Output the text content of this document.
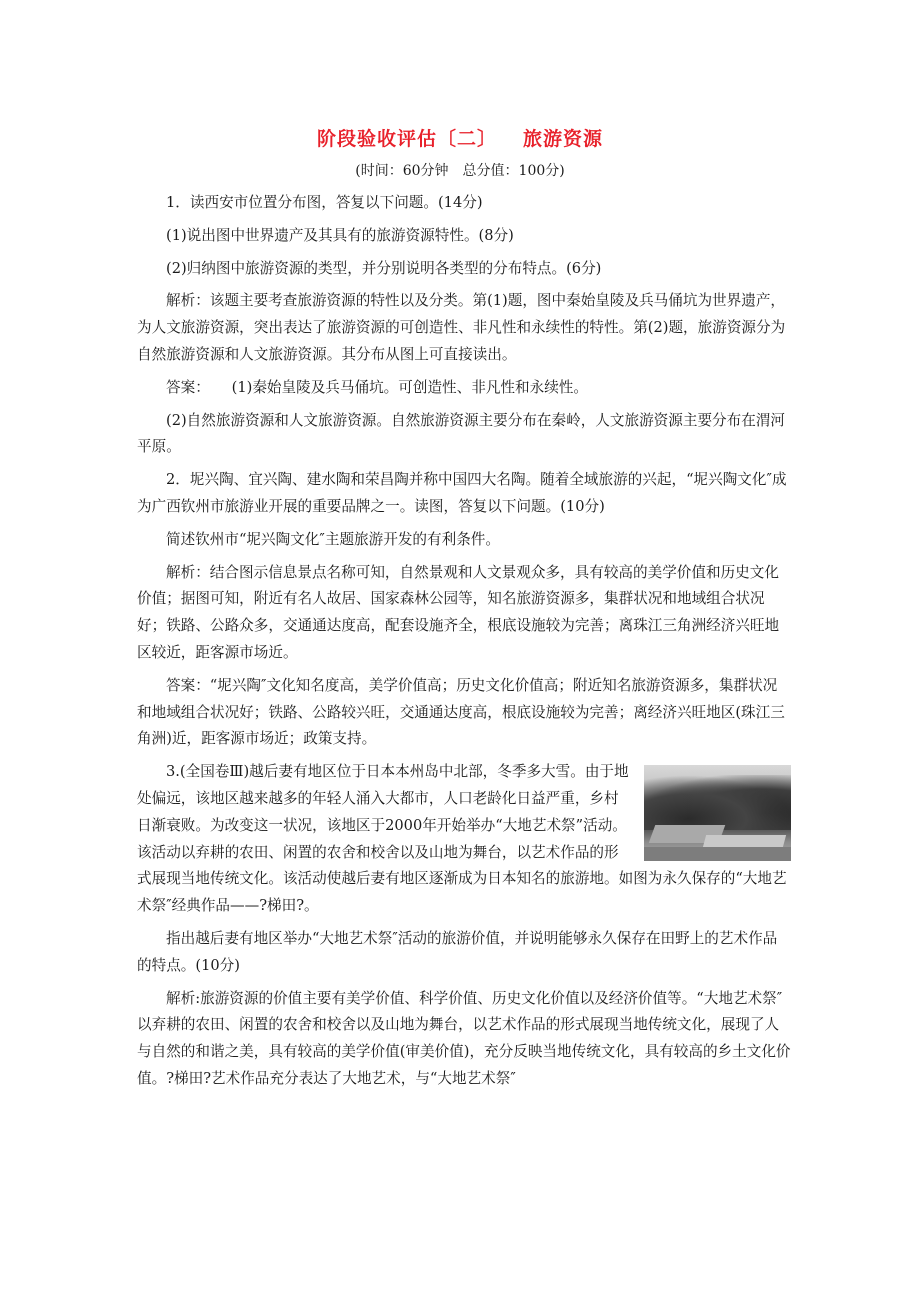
阶段验收评估〔二〕 旅游资源
(时间：60分钟　总分值：100分)

1．读西安市位置分布图，答复以下问题。(14分)

(1)说出图中世界遗产及其具有的旅游资源特性。(8分)

(2)归纳图中旅游资源的类型，并分别说明各类型的分布特点。(6分)

解析：该题主要考查旅游资源的特性以及分类。第(1)题，图中秦始皇陵及兵马俑坑为世界遗产，为人文旅游资源，突出表达了旅游资源的可创造性、非凡性和永续性的特性。第(2)题，旅游资源分为自然旅游资源和人文旅游资源。其分布从图上可直接读出。

答案：　　(1)秦始皇陵及兵马俑坑。可创造性、非凡性和永续性。

(2)自然旅游资源和人文旅游资源。自然旅游资源主要分布在秦岭，人文旅游资源主要分布在渭河平原。

2．坭兴陶、宜兴陶、建水陶和荣昌陶并称中国四大名陶。随着全域旅游的兴起，“坭兴陶文化″成为广西钦州市旅游业开展的重要品牌之一。读图，答复以下问题。(10分)

简述钦州市“坭兴陶文化″主题旅游开发的有利条件。

解析：结合图示信息景点名称可知，自然景观和人文景观众多，具有较高的美学价值和历史文化价值；据图可知，附近有名人故居、国家森林公园等，知名旅游资源多，集群状况和地域组合状况好；铁路、公路众多，交通通达度高，配套设施齐全，根底设施较为完善；离珠江三角洲经济兴旺地区较近，距客源市场近。

答案：“坭兴陶″文化知名度高，美学价值高；历史文化价值高；附近知名旅游资源多，集群状况和地域组合状况好；铁路、公路较兴旺，交通通达度高，根底设施较为完善；离经济兴旺地区(珠江三角洲)近，距客源市场近；政策支持。

3.(全国卷Ⅲ)越后妻有地区位于日本本州岛中北部，冬季多大雪。由于地处偏远，该地区越来越多的年轻人涌入大都市，人口老龄化日益严重，乡村日渐衰败。为改变这一状况，该地区于2000年开始举办“大地艺术祭”活动。该活动以弃耕的农田、闲置的农舍和校舍以及山地为舞台，以艺术作品的形式展现当地传统文化。该活动使越后妻有地区逐渐成为日本知名的旅游地。如图为永久保存的“大地艺术祭″经典作品——?梯田?。

指出越后妻有地区举办“大地艺术祭″活动的旅游价值，并说明能够永久保存在田野上的艺术作品的特点。(10分)

解析:旅游资源的价值主要有美学价值、科学价值、历史文化价值以及经济价值等。“大地艺术祭″以弃耕的农田、闲置的农舍和校舍以及山地为舞台，以艺术作品的形式展现当地传统文化，展现了人与自然的和谐之美，具有较高的美学价值(审美价值)，充分反映当地传统文化，具有较高的乡土文化价值。?梯田?艺术作品充分表达了大地艺术，与“大地艺术祭″
